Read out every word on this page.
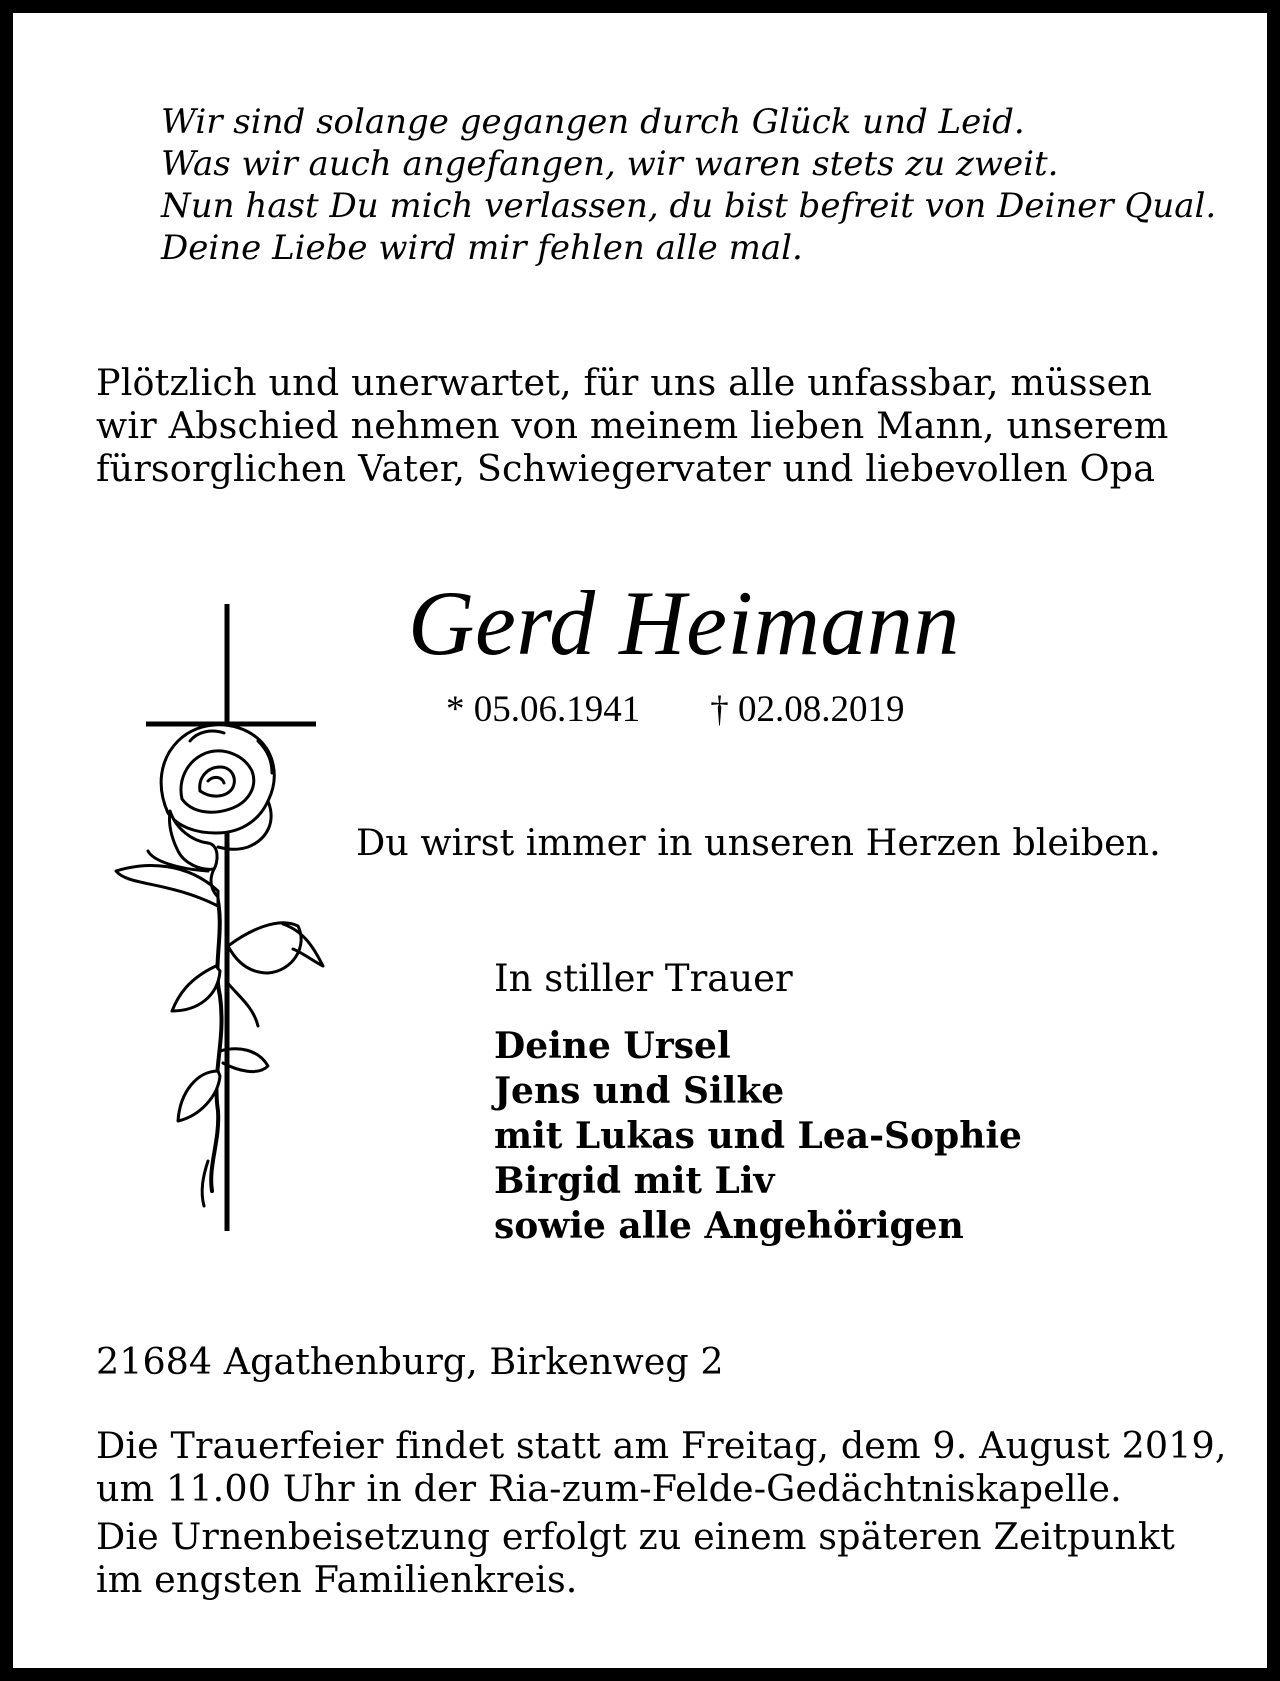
Wir sind solange gegangen durch Glück und Leid.
Was wir auch angefangen, wir waren stets zu zweit.
Nun hast Du mich verlassen, du bist befreit von Deiner Qual.
Deine Liebe wird mir fehlen alle mal.
Plötzlich und unerwartet, für uns alle unfassbar, müssen
wir Abschied nehmen von meinem lieben Mann, unserem
fürsorglichen Vater, Schwiegervater und liebevollen Opa
Gerd Heimann
* 05.06.1941 † 02.08.2019
Du wirst immer in unseren Herzen bleiben.
In stiller Trauer
Deine Ursel
Jens und Silke
mit Lukas und Lea-Sophie
Birgid mit Liv
sowie alle Angehörigen
21684 Agathenburg, Birkenweg 2
Die Trauerfeier findet statt am Freitag, dem 9. August 2019,
um 11.00 Uhr in der Ria-zum-Felde-Gedächtniskapelle.
Die Urnenbeisetzung erfolgt zu einem späteren Zeitpunkt
im engsten Familienkreis.
